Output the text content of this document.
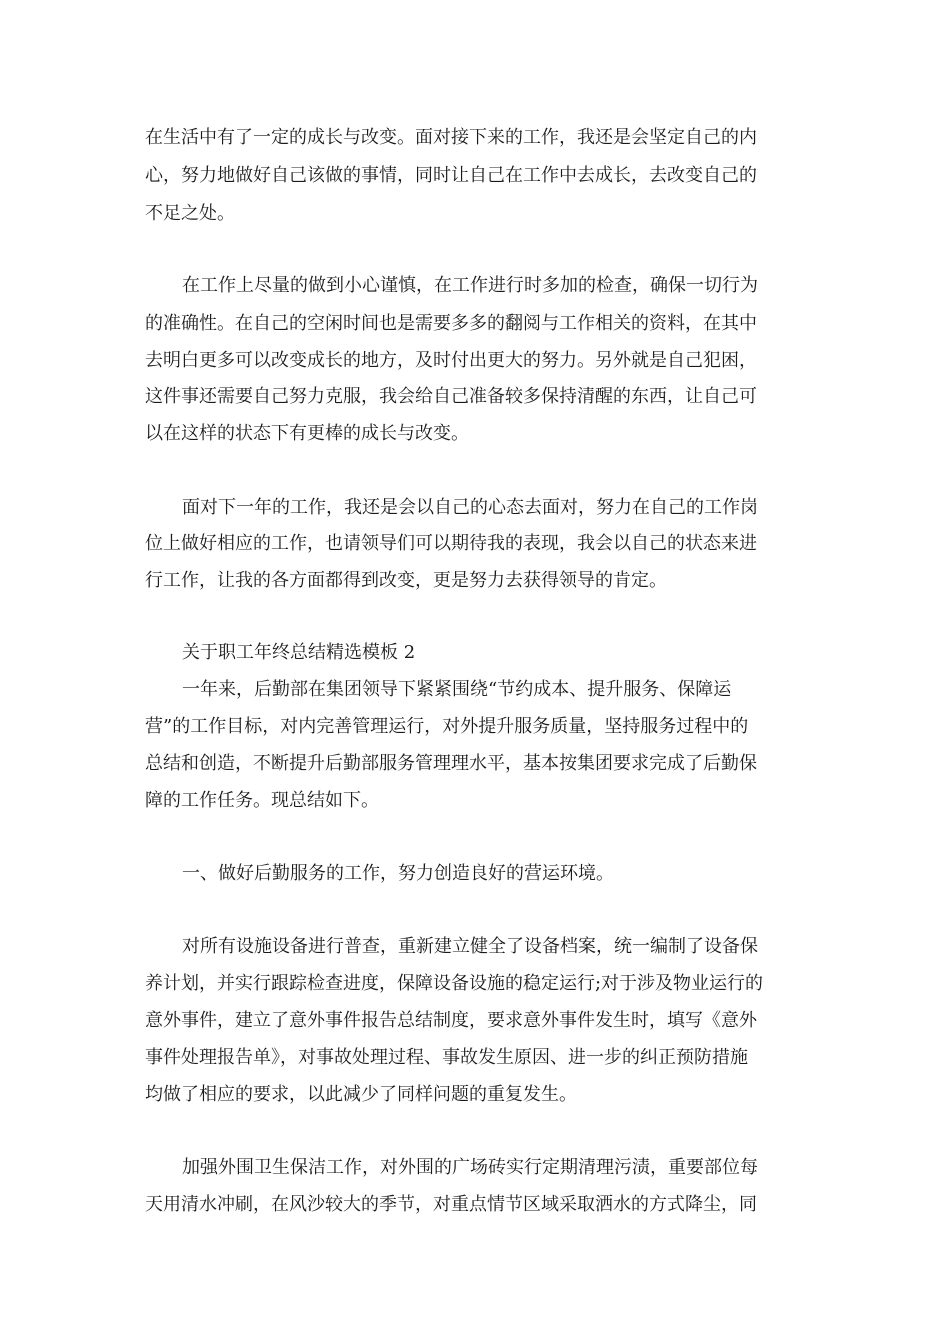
在生活中有了一定的成长与改变。面对接下来的工作，我还是会坚定自己的内
心，努力地做好自己该做的事情，同时让自己在工作中去成长，去改变自己的
不足之处。
在工作上尽量的做到小心谨慎，在工作进行时多加的检查，确保一切行为
的准确性。在自己的空闲时间也是需要多多的翻阅与工作相关的资料，在其中
去明白更多可以改变成长的地方，及时付出更大的努力。另外就是自己犯困，
这件事还需要自己努力克服，我会给自己准备较多保持清醒的东西，让自己可
以在这样的状态下有更棒的成长与改变。
面对下一年的工作，我还是会以自己的心态去面对，努力在自己的工作岗
位上做好相应的工作，也请领导们可以期待我的表现，我会以自己的状态来进
行工作，让我的各方面都得到改变，更是努力去获得领导的肯定。
关于职工年终总结精选模板 2
一年来，后勤部在集团领导下紧紧围绕“节约成本、提升服务、保障运
营”的工作目标，对内完善管理运行，对外提升服务质量，坚持服务过程中的
总结和创造，不断提升后勤部服务管理理水平，基本按集团要求完成了后勤保
障的工作任务。现总结如下。
一、做好后勤服务的工作，努力创造良好的营运环境。
对所有设施设备进行普查，重新建立健全了设备档案，统一编制了设备保
养计划，并实行跟踪检查进度，保障设备设施的稳定运行;对于涉及物业运行的
意外事件，建立了意外事件报告总结制度，要求意外事件发生时，填写《意外
事件处理报告单》，对事故处理过程、事故发生原因、进一步的纠正预防措施
均做了相应的要求，以此减少了同样问题的重复发生。
加强外围卫生保洁工作，对外围的广场砖实行定期清理污渍，重要部位每
天用清水冲刷，在风沙较大的季节，对重点情节区域采取洒水的方式降尘，同
